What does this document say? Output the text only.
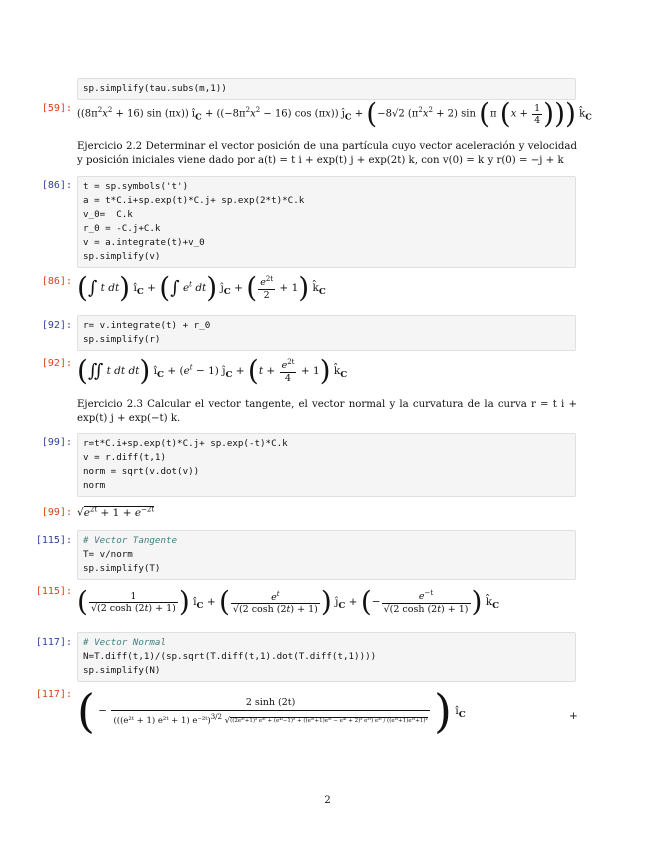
sp.simplify(tau.subs(m,1))
[59]: ($(8\pi^2x^2 + 16)$ sin (πx)) $î_C + ((-8\pi^2x^2 - 16)$ cos (πx)) $ĵ_C + (-8√2$ $(\pi^2x^2 + 2)$ sin (π ($x + \frac{1}{4}$ ))) $k̂_C$
Ejercicio 2.2 Determinar el vector posición de una partícula cuyo vector aceleración y velocidad y posición iniciales viene dado por a(t) = t i + exp(t) j + exp(2t) k, con v(0) = k y r(0) = −j + k
[86]:	t = sp.symbols('t')
a = t*C.i+sp.exp(t)*C.j+ sp.exp(2*t)*C.k
v_0=  C.k
r_0 = -C.j+C.k
v = a.integrate(t)+v_0
sp.simplify(v)
[86]: (∫ t dt) $î_C$ + (∫ $e^t$ dt) $ĵ_C$ + ( $\frac{e^{2t}}{2} + 1$) $k̂_C$
[92]:	r= v.integrate(t) + r_0
sp.simplify(r)
[92]: (∬ t dt dt) $î_C + (e^t - 1)$ $ĵ_C + (t + \frac{e^{2t}}{4} + 1)$ $k̂_C$
Ejercicio 2.3 Calcular el vector tangente, el vector normal y la curvatura de la curva r = t i + exp(t) j + exp(−t) k.
[99]:	r=t*C.i+sp.exp(t)*C.j+ sp.exp(-t)*C.k
v = r.diff(t,1)
norm = sqrt(v.dot(v))
norm
[99]: $√e^{2t} + 1 + e^{-2t}$
[115]:	# Vector Tangente
T= v/norm
sp.simplify(T)
[115]: ( $\frac{1}{√(2 \cosh (2t) + 1)}$ ) $î_C$ + ( $\frac{e^t}{√(2 \cosh (2t) + 1)}$ ) $ĵ_C$ + (− $\frac{e^{-t}}{√(2 \cosh (2t) + 1)}$ ) $k̂_C$
[117]:	# Vector Normal
N=T.diff(t,1)/(sp.sqrt(T.diff(t,1).dot(T.diff(t,1))))
sp.simplify(N)
[117]: ( −
2 sinh (2t)
(((e²ᵗ + 1) e²ᵗ + 1) e⁻²ᵗ)$^{3/2}$ √((2e²ᵗ+1)² e²ᵗ + (e⁴ᵗ−1)² + ((e²ᵗ+1)e²ᵗ − e⁴ᵗ + 2)² e²ᵗ) e²ᵗ / ((e²ᵗ+1)e²ᵗ+1)² ) $î_C$	+
2
